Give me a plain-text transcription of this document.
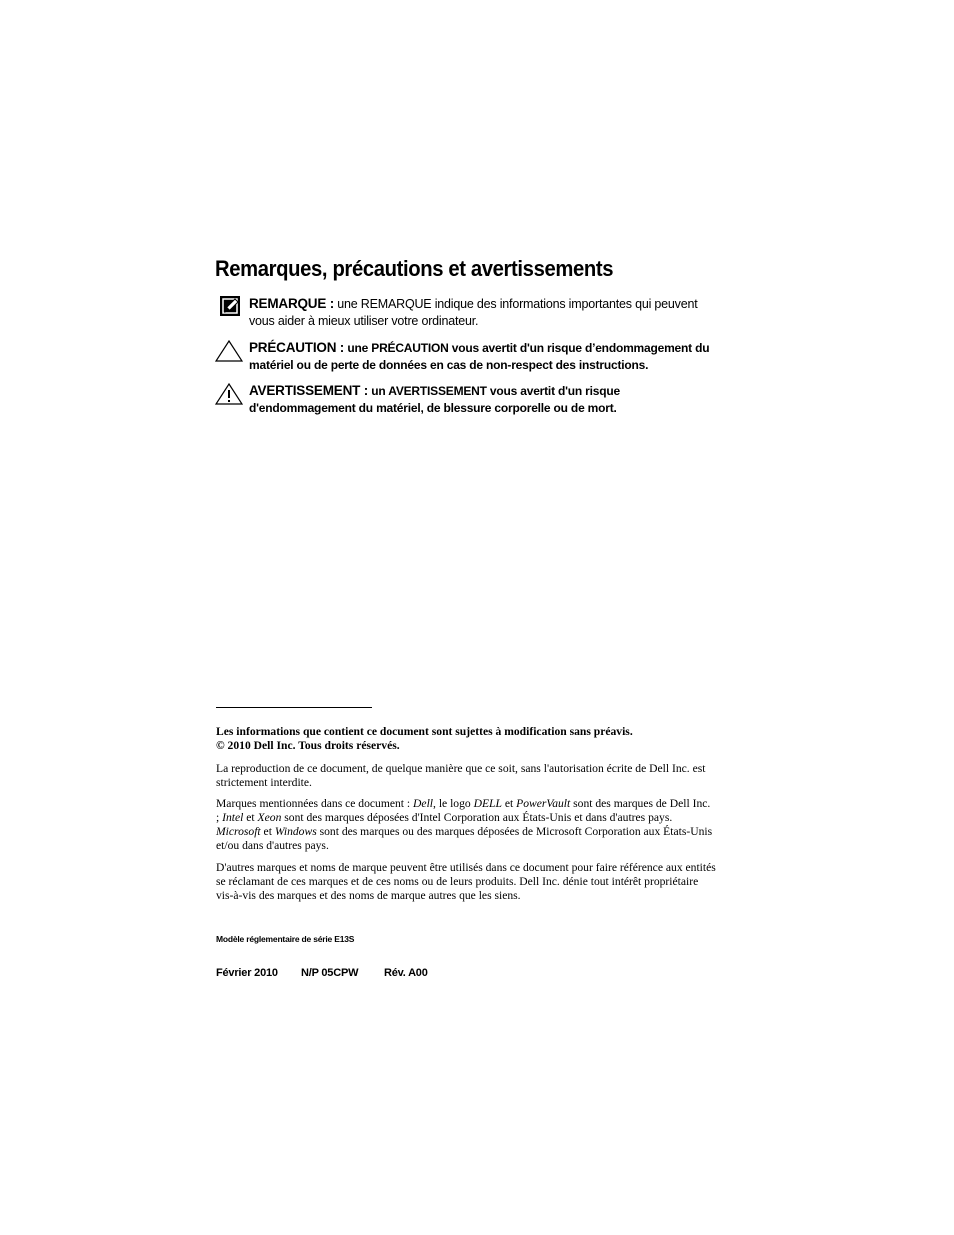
Remarques, précautions et avertissements
REMARQUE : une REMARQUE indique des informations importantes qui peuvent vous aider à mieux utiliser votre ordinateur.
PRÉCAUTION : une PRÉCAUTION vous avertit d'un risque d’endommagement du matériel ou de perte de données en cas de non-respect des instructions.
AVERTISSEMENT : un AVERTISSEMENT vous avertit d'un risque d'endommagement du matériel, de blessure corporelle ou de mort.

Les informations que contient ce document sont sujettes à modification sans préavis.
© 2010 Dell Inc. Tous droits réservés.

La reproduction de ce document, de quelque manière que ce soit, sans l'autorisation écrite de Dell Inc. est strictement interdite.

Marques mentionnées dans ce document : Dell, le logo DELL et PowerVault sont des marques de Dell Inc. ; Intel et Xeon sont des marques déposées d'Intel Corporation aux États-Unis et dans d'autres pays. Microsoft et Windows sont des marques ou des marques déposées de Microsoft Corporation aux États-Unis et/ou dans d'autres pays.

D'autres marques et noms de marque peuvent être utilisés dans ce document pour faire référence aux entités se réclamant de ces marques et de ces noms ou de leurs produits. Dell Inc. dénie tout intérêt propriétaire vis-à-vis des marques et des noms de marque autres que les siens.

Modèle réglementaire de série E13S
Février 2010 N/P 05CPW Rév. A00
